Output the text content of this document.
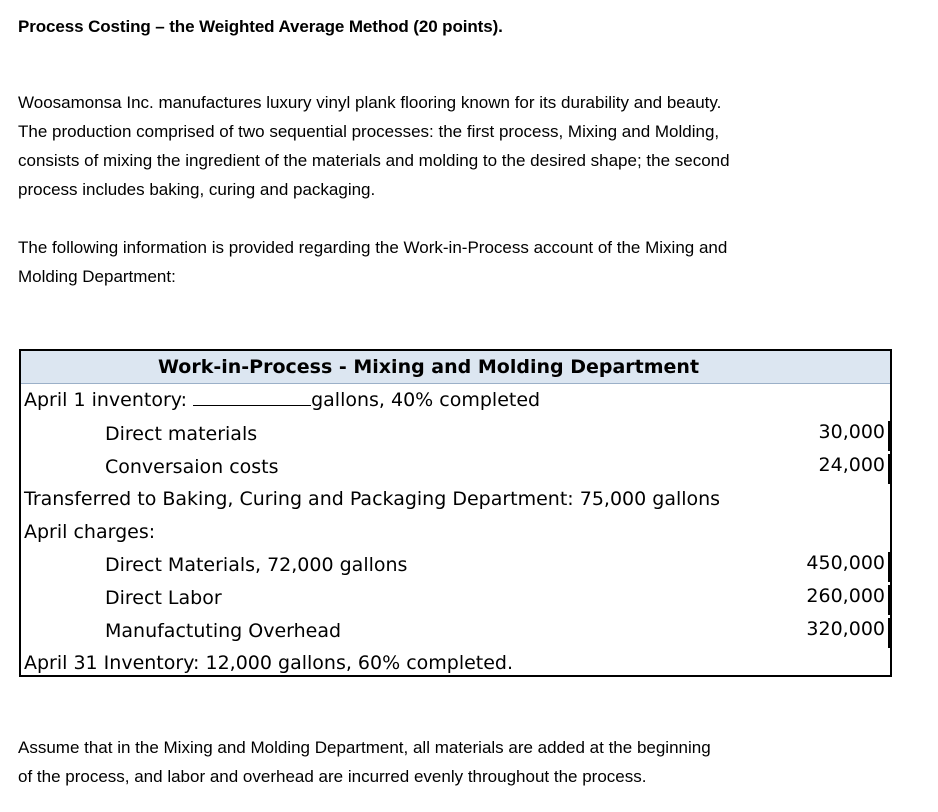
Process Costing – the Weighted Average Method (20 points).

Woosamonsa Inc. manufactures luxury vinyl plank flooring known for its durability and beauty.

The production comprised of two sequential processes: the first process, Mixing and Molding,

consists of mixing the ingredient of the materials and molding to the desired shape; the second

process includes baking, curing and packaging.

The following information is provided regarding the Work-in-Process account of the Mixing and

Molding Department:

Work-in-Process - Mixing and Molding Department
April 1 inventory:	gallons, 40% completed
Direct materials	30,000
Conversaion costs	24,000
Transferred to Baking, Curing and Packaging Department: 75,000 gallons
April charges:
Direct Materials, 72,000 gallons	450,000
Direct Labor	260,000
Manufactuting Overhead	320,000
April 31 Inventory: 12,000 gallons, 60% completed.

Assume that in the Mixing and Molding Department, all materials are added at the beginning

of the process, and labor and overhead are incurred evenly throughout the process.
